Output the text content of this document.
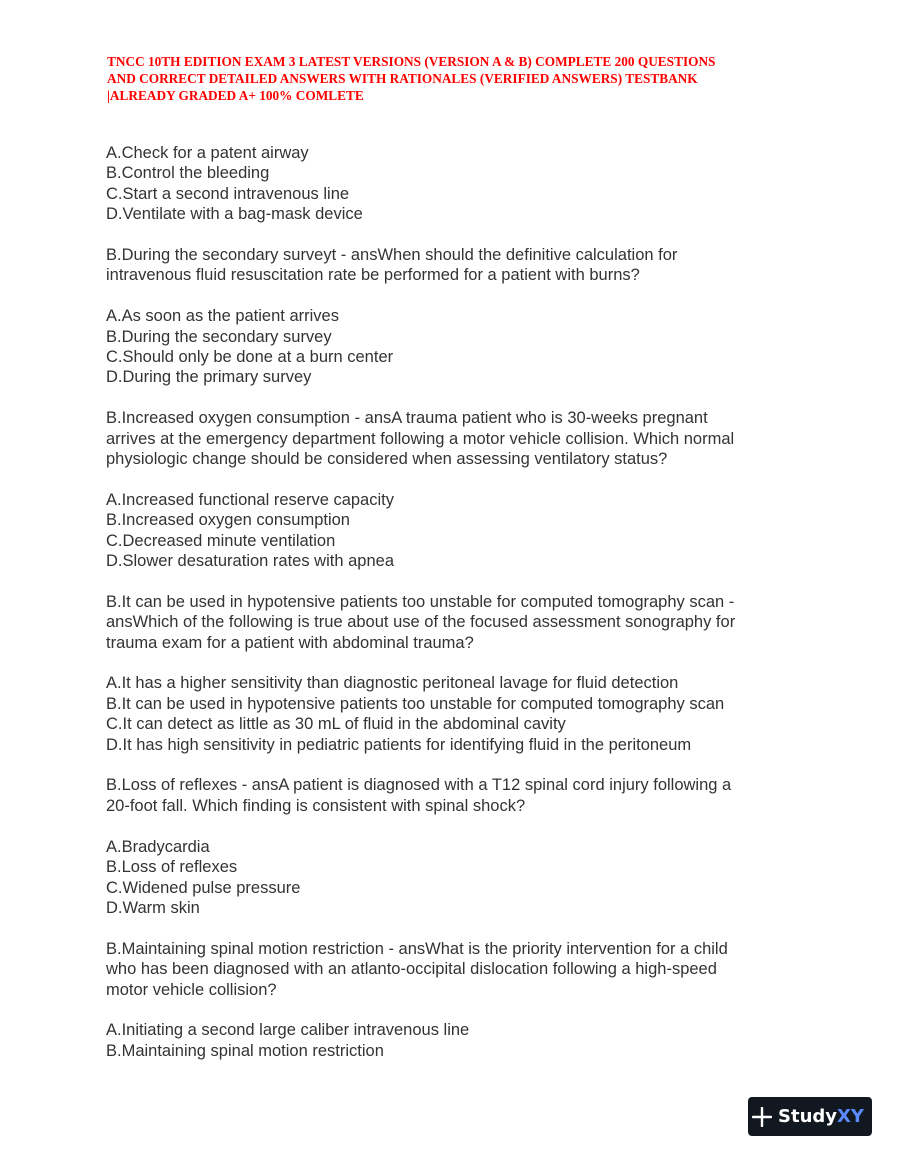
TNCC 10TH EDITION EXAM 3 LATEST VERSIONS (VERSION A & B) COMPLETE 200 QUESTIONS
AND CORRECT DETAILED ANSWERS WITH RATIONALES (VERIFIED ANSWERS) TESTBANK
|ALREADY GRADED A+ 100% COMLETE
A.Check for a patent airway
B.Control the bleeding
C.Start a second intravenous line
D.Ventilate with a bag-mask device
B.During the secondary surveyt - ansWhen should the definitive calculation for
intravenous fluid resuscitation rate be performed for a patient with burns?
A.As soon as the patient arrives
B.During the secondary survey
C.Should only be done at a burn center
D.During the primary survey
B.Increased oxygen consumption - ansA trauma patient who is 30-weeks pregnant
arrives at the emergency department following a motor vehicle collision. Which normal
physiologic change should be considered when assessing ventilatory status?
A.Increased functional reserve capacity
B.Increased oxygen consumption
C.Decreased minute ventilation
D.Slower desaturation rates with apnea
B.It can be used in hypotensive patients too unstable for computed tomography scan -
ansWhich of the following is true about use of the focused assessment sonography for
trauma exam for a patient with abdominal trauma?
A.It has a higher sensitivity than diagnostic peritoneal lavage for fluid detection
B.It can be used in hypotensive patients too unstable for computed tomography scan
C.It can detect as little as 30 mL of fluid in the abdominal cavity
D.It has high sensitivity in pediatric patients for identifying fluid in the peritoneum
B.Loss of reflexes - ansA patient is diagnosed with a T12 spinal cord injury following a
20-foot fall. Which finding is consistent with spinal shock?
A.Bradycardia
B.Loss of reflexes
C.Widened pulse pressure
D.Warm skin
B.Maintaining spinal motion restriction - ansWhat is the priority intervention for a child
who has been diagnosed with an atlanto-occipital dislocation following a high-speed
motor vehicle collision?
A.Initiating a second large caliber intravenous line
B.Maintaining spinal motion restriction
StudyXY
